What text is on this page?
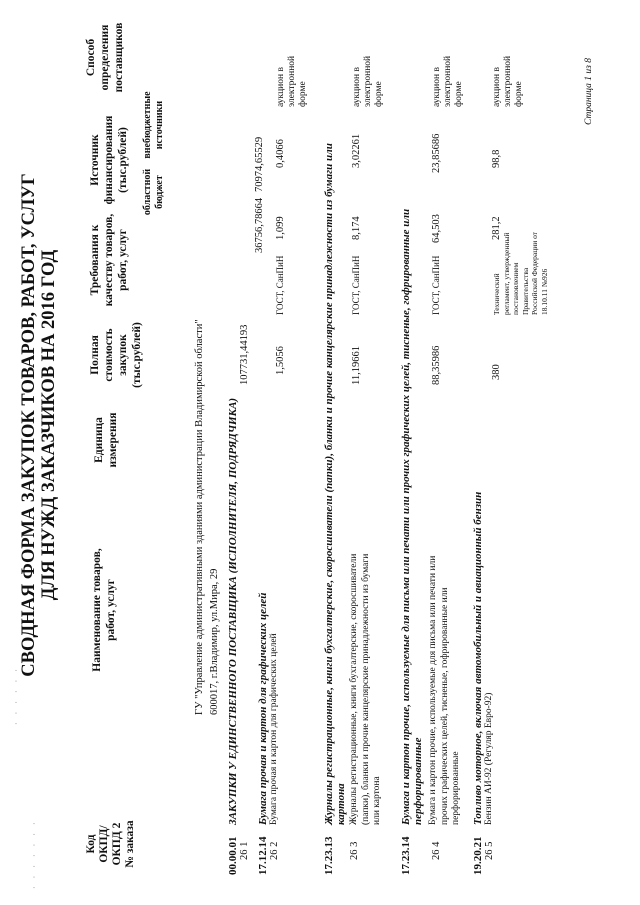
· · · · · · ·
· · · · · ·
СВОДНАЯ ФОРМА ЗАКУПОК ТОВАРОВ, РАБОТ, УСЛУГ ДЛЯ НУЖД ЗАКАЗЧИКОВ НА 2016 ГОД
Код ОКПД/ ОКПД 2 № заказа
Наименование товаров, работ, услуг
Единица измерения
Полная стоимость закупок (тыс.рублей)
Требования к качеству товаров, работ, услуг
Источник финансирования (тыс.рублей) областной бюджет
внебюджетные источники
Способ определения поставщиков
ГУ "Управление административными зданиями администрации Владимирской области" 600017, г.Владимир, ул.Мира, 29
00.00.01
ЗАКУПКИ У ЕДИНСТВЕННОГО ПОСТАВЩИКА (ИСПОЛНИТЕЛЯ, ПОДРЯДЧИКА)
26 1
107731,44193
36756,78664
70974,65529
17.12.14
Бумага прочая и картон для графических целей
26 2
Бумага прочая и картон для графических целей
1,5056
ГОСТ, СанПиН
1,099
0,4066
аукцион в электронной форме
17.23.13
Журналы регистрационные, книги бухгалтерские, скоросшиватели (папки), бланки и прочие канцелярские принадлежности из бумаги или картона
26 3
Журналы регистрационные, книги бухгалтерские, скоросшиватели (папки), бланки и прочие канцелярские принадлежности из бумаги или картона
11,19661
ГОСТ, СанПиН
8,174
3,02261
аукцион в электронной форме
17.23.14
Бумага и картон прочие, используемые для письма или печати или прочих графических целей, тисненые, гофрированные или перфорированные
26 4
Бумага и картон прочие, используемые для письма или печати или прочих графических целей, тисненые, гофрированные или перфорированные
88,35986
ГОСТ, СанПиН
64,503
23,85686
аукцион в электронной форме
19.20.21
Топливо моторное, включая автомобильный и авиационный бензин
26 5
Бензин АИ-92 (Регуляр Евро-92)
380
Технический регламент, утвержденный постановлением Правительства Российской Федерации от 18.10.11 №926
281,2
98,8
аукцион в электронной форме	Страница 1 из 8
